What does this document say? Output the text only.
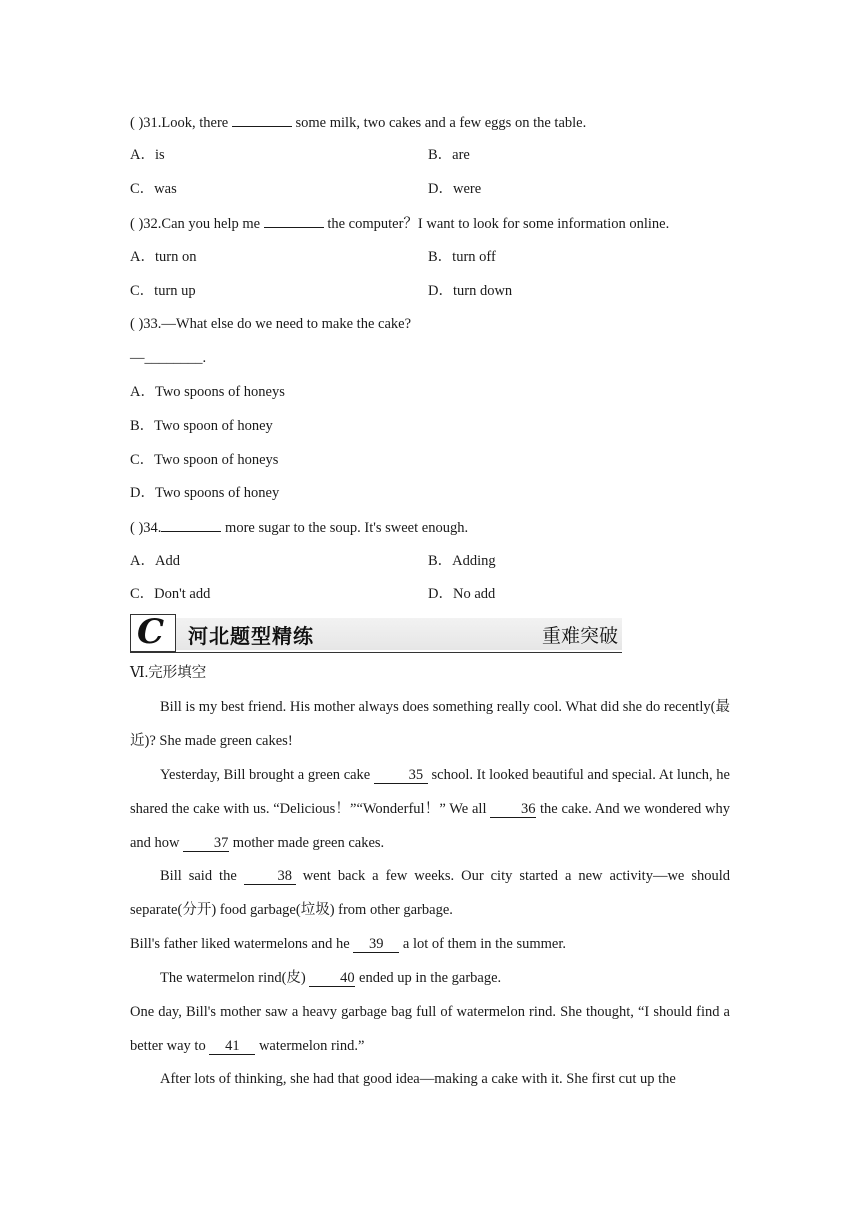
( )31.Look, there	some milk, two cakes and a few eggs on the table.
A．is	B．are
C．was	D．were
( )32.Can you help me	the computer？I want to look for some information online.
A．turn on	B．turn off
C．turn up	D．turn down
( )33.—What else do we need to make the cake?
—________.
A．Two spoons of honeys
B．Two spoon of honey
C．Two spoon of honeys
D．Two spoons of honey
( )34.	more sugar to the soup. It's sweet enough.
A．Add	B．Adding
C．Don't add	D．No add
C 河北题型精练	重难突破
Ⅵ.完形填空
Bill is my best friend. His mother always does something really cool. What did she do recently(最近)? She made green cakes!
Yesterday, Bill brought a green cake 35 school. It looked beautiful and special. At lunch, he shared the cake with us. “Delicious！”“Wonderful！” We all 36 the cake. And we wondered why and how 37 mother made green cakes.
Bill said the 38 went back a few weeks. Our city started a new activity—we should separate(分开) food garbage(垃圾) from other garbage.
Bill's father liked watermelons and he 39 a lot of them in the summer.
The watermelon rind(皮) 40 ended up in the garbage.
One day, Bill's mother saw a heavy garbage bag full of watermelon rind. She thought, “I should find a better way to 41 watermelon rind.”
After lots of thinking, she had that good idea—making a cake with it. She first cut up the
